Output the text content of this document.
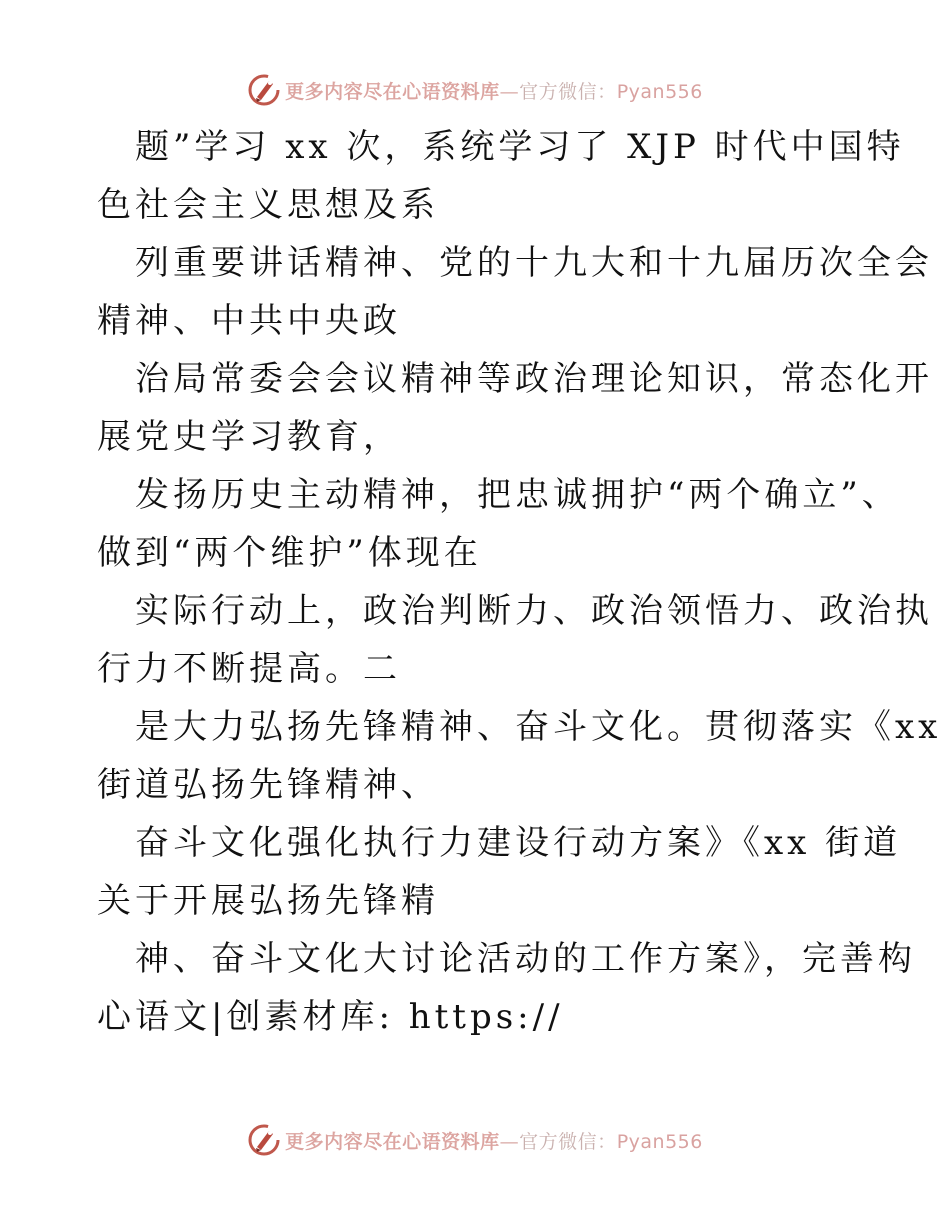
更多内容尽在心语资料库—官方微信：Pyan556
题”学习 xx 次，系统学习了 XJP 时代中国特
色社会主义思想及系
列重要讲话精神、党的十九大和十九届历次全会
精神、中共中央政
治局常委会会议精神等政治理论知识，常态化开
展党史学习教育，
发扬历史主动精神，把忠诚拥护“两个确立”、
做到“两个维护”体现在
实际行动上，政治判断力、政治领悟力、政治执
行力不断提高。二
是大力弘扬先锋精神、奋斗文化。贯彻落实《xx
街道弘扬先锋精神、
奋斗文化强化执行力建设行动方案》《xx 街道
关于开展弘扬先锋精
神、奋斗文化大讨论活动的工作方案》，完善构
心语文|创素材库: https://
更多内容尽在心语资料库—官方微信：Pyan556
